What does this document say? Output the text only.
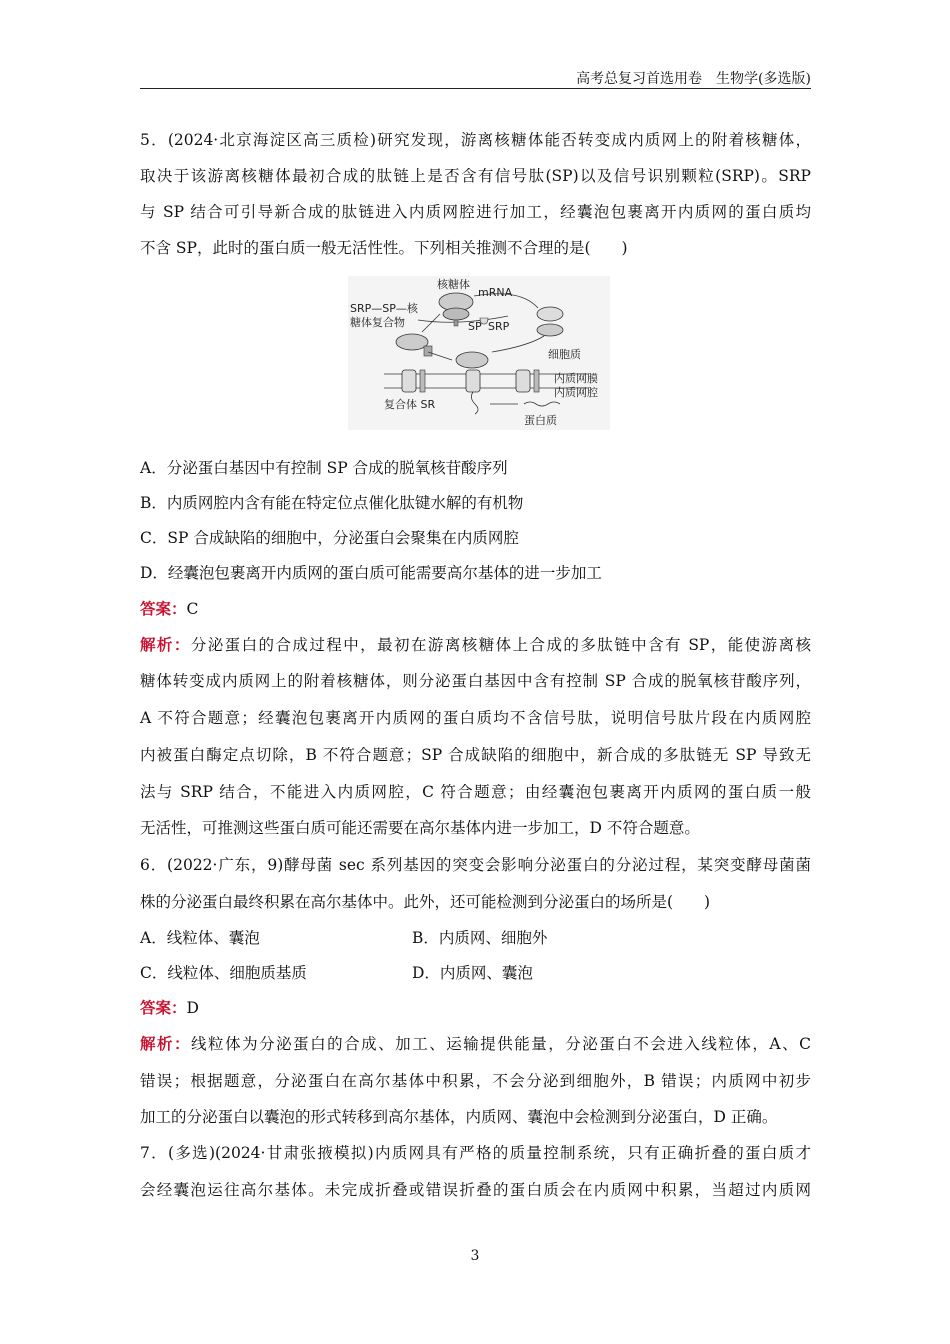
高考总复习首选用卷　生物学(多选版)
5．(2024·北京海淀区高三质检)研究发现，游离核糖体能否转变成内质网上的附着核糖体，
取决于该游离核糖体最初合成的肽链上是否含有信号肽(SP)以及信号识别颗粒(SRP)。SRP
与 SP 结合可引导新合成的肽链进入内质网腔进行加工，经囊泡包裹离开内质网的蛋白质均
不含 SP，此时的蛋白质一般无活性性。下列相关推测不合理的是(　　)
核糖体
mRNA
SRP—SP—核
糖体复合物	SP SRP
细胞质
内质网膜
内质网腔
复合体 SR
蛋白质
A．分泌蛋白基因中有控制 SP 合成的脱氧核苷酸序列
B．内质网腔内含有能在特定位点催化肽键水解的有机物
C．SP 合成缺陷的细胞中，分泌蛋白会聚集在内质网腔
D．经囊泡包裹离开内质网的蛋白质可能需要高尔基体的进一步加工
答案：C
解析：分泌蛋白的合成过程中，最初在游离核糖体上合成的多肽链中含有 SP，能使游离核
糖体转变成内质网上的附着核糖体，则分泌蛋白基因中含有控制 SP 合成的脱氧核苷酸序列，
A 不符合题意；经囊泡包裹离开内质网的蛋白质均不含信号肽，说明信号肽片段在内质网腔
内被蛋白酶定点切除，B 不符合题意；SP 合成缺陷的细胞中，新合成的多肽链无 SP 导致无
法与 SRP 结合，不能进入内质网腔，C 符合题意；由经囊泡包裹离开内质网的蛋白质一般
无活性，可推测这些蛋白质可能还需要在高尔基体内进一步加工，D 不符合题意。
6．(2022·广东，9)酵母菌 sec 系列基因的突变会影响分泌蛋白的分泌过程，某突变酵母菌菌
株的分泌蛋白最终积累在高尔基体中。此外，还可能检测到分泌蛋白的场所是(　　)
A．线粒体、囊泡	B．内质网、细胞外
C．线粒体、细胞质基质	D．内质网、囊泡
答案：D
解析：线粒体为分泌蛋白的合成、加工、运输提供能量，分泌蛋白不会进入线粒体，A、C
错误；根据题意，分泌蛋白在高尔基体中积累，不会分泌到细胞外，B 错误；内质网中初步
加工的分泌蛋白以囊泡的形式转移到高尔基体，内质网、囊泡中会检测到分泌蛋白，D 正确。
7．(多选)(2024·甘肃张掖模拟)内质网具有严格的质量控制系统，只有正确折叠的蛋白质才
会经囊泡运往高尔基体。未完成折叠或错误折叠的蛋白质会在内质网中积累，当超过内质网
3
